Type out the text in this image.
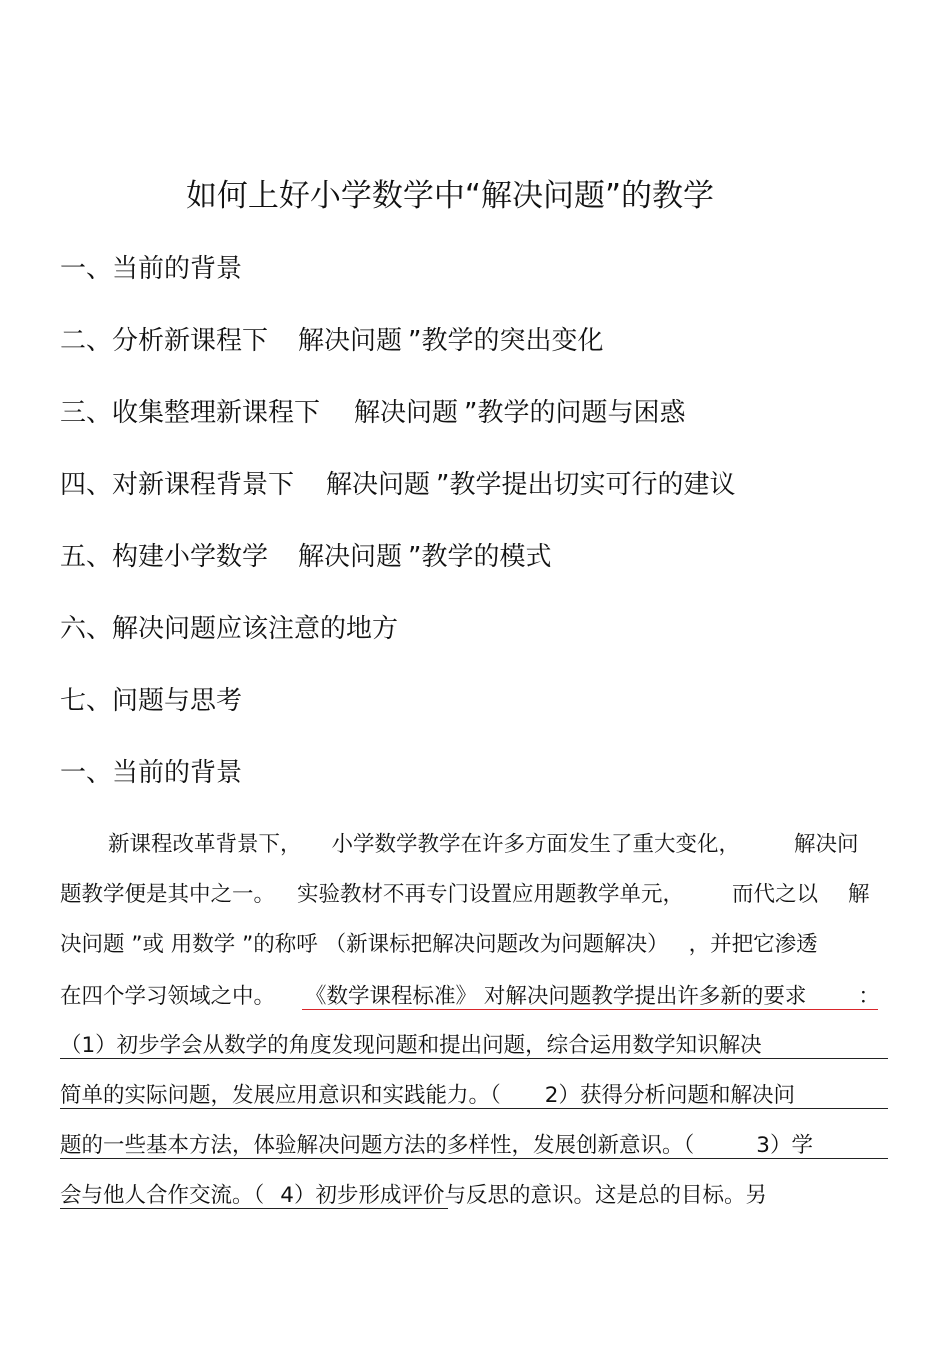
如何上好小学数学中“解决问题”的教学
一、当前的背景
二、分析新课程下 解决问题 ”教学的突出变化
三、收集整理新课程下 解决问题 ”教学的问题与困惑
四、对新课程背景下 解决问题 ”教学提出切实可行的建议
五、构建小学数学 解决问题 ”教学的模式
六、解决问题应该注意的地方
七、问题与思考
一、当前的背景
新课程改革背景下， 小学数学教学在许多方面发生了重大变化，	解决问
题教学便是其中之一。 实验教材不再专门设置应用题教学单元， 而代之以 解
决问题 ”或 用数学 ”的称呼 （新课标把解决问题改为问题解决） ，并把它渗透
在四个学习领域之中。 《数学课程标准》 对解决问题教学提出许多新的要求 ：
（1）初步学会从数学的角度发现问题和提出问题，综合运用数学知识解决
简单的实际问题，发展应用意识和实践能力。（ 2）获得分析问题和解决问
题的一些基本方法，体验解决问题方法的多样性，发展创新意识。（	3）学
会与他人合作交流。（ 4）初步形成评价与反思的意识。这是总的目标。另
